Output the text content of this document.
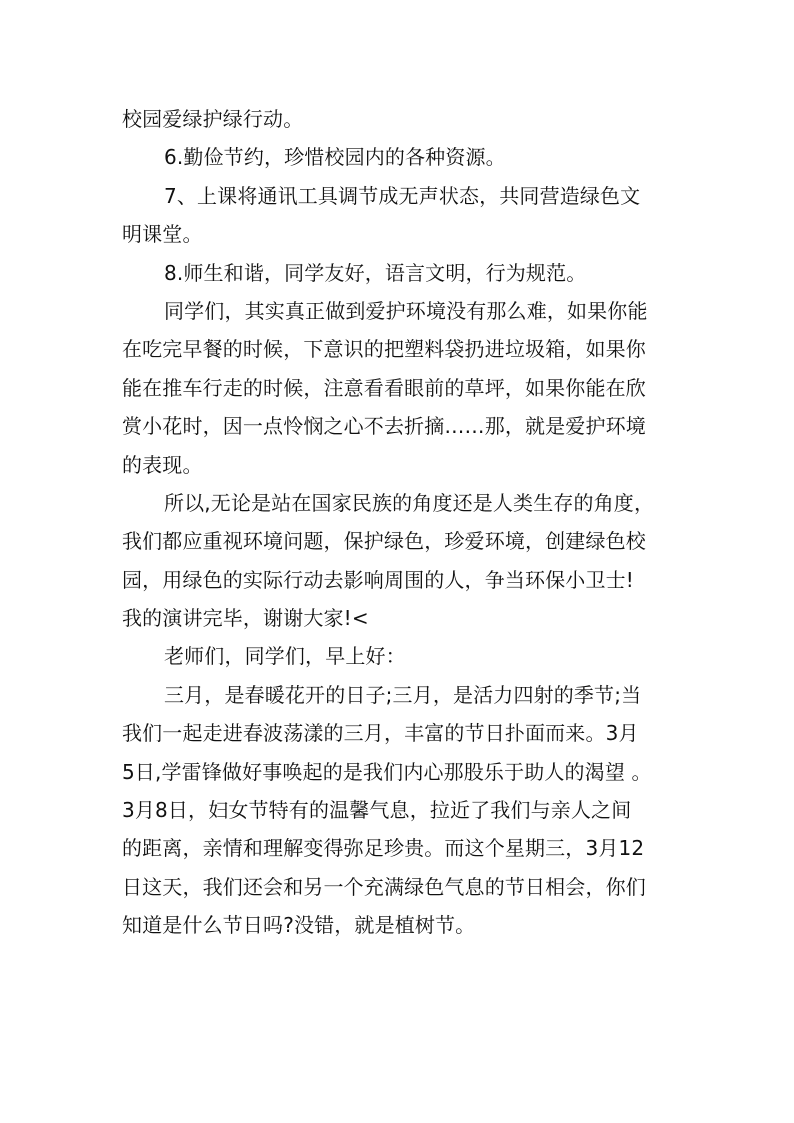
校园爱绿护绿行动。
6.勤俭节约，珍惜校园内的各种资源。
7、上课将通讯工具调节成无声状态，共同营造绿色文
明课堂。
8.师生和谐，同学友好，语言文明，行为规范。
同学们，其实真正做到爱护环境没有那么难，如果你能
在吃完早餐的时候，下意识的把塑料袋扔进垃圾箱，如果你
能在推车行走的时候，注意看看眼前的草坪，如果你能在欣
赏小花时，因一点怜悯之心不去折摘……那，就是爱护环境
的表现。
所以,无论是站在国家民族的角度还是人类生存的角度，
我们都应重视环境问题，保护绿色，珍爱环境，创建绿色校
园，用绿色的实际行动去影响周围的人，争当环保小卫士!
我的演讲完毕，谢谢大家!<
老师们，同学们，早上好：
三月，是春暖花开的日子;三月，是活力四射的季节;当
我们一起走进春波荡漾的三月，丰富的节日扑面而来。3月
5日,学雷锋做好事唤起的是我们内心那股乐于助人的渴望 。
3月8日，妇女节特有的温馨气息，拉近了我们与亲人之间
的距离，亲情和理解变得弥足珍贵。而这个星期三，3月12
日这天，我们还会和另一个充满绿色气息的节日相会，你们
知道是什么节日吗?没错，就是植树节。
